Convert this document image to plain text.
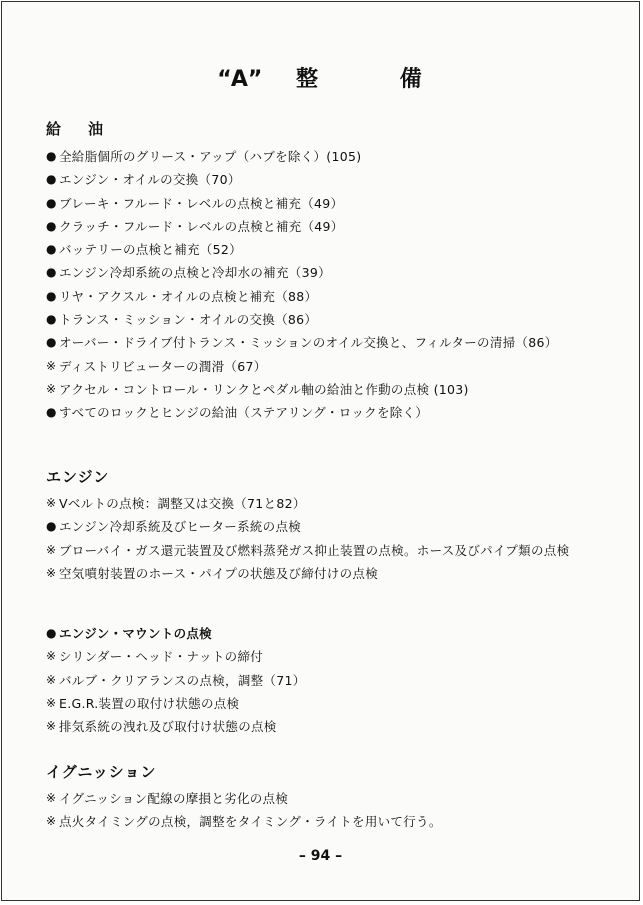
“A” 整	備
給　油
● 全給脂個所のグリース・アップ（ハブを除く）(105)
● エンジン・オイルの交換（70）
● ブレーキ・フルード・レベルの点検と補充（49）
● クラッチ・フルード・レベルの点検と補充（49）
● バッテリーの点検と補充（52）
● エンジン冷却系統の点検と冷却水の補充（39）
● リヤ・アクスル・オイルの点検と補充（88）
● トランス・ミッション・オイルの交換（86）
● オーバー・ドライブ付トランス・ミッションのオイル交換と、フィルターの清掃（86）
※ ディストリビューターの潤滑（67）
※ アクセル・コントロール・リンクとペダル軸の給油と作動の点検 (103)
● すべてのロックとヒンジの給油（ステアリング・ロックを除く）
エンジン
※ Vベルトの点検：調整又は交換（71と82）
● エンジン冷却系統及びヒーター系統の点検
※ ブローバイ・ガス還元装置及び燃料蒸発ガス抑止装置の点検。ホース及びパイプ類の点検
※ 空気噴射装置のホース・パイプの状態及び締付けの点検
● エンジン・マウントの点検
※ シリンダー・ヘッド・ナットの締付
※ バルブ・クリアランスの点検，調整（71）
※ E.G.R.装置の取付け状態の点検
※ 排気系統の洩れ及び取付け状態の点検
イグニッション
※ イグニッション配線の摩損と劣化の点検
※ 点火タイミングの点検，調整をタイミング・ライトを用いて行う。
– 94 –
